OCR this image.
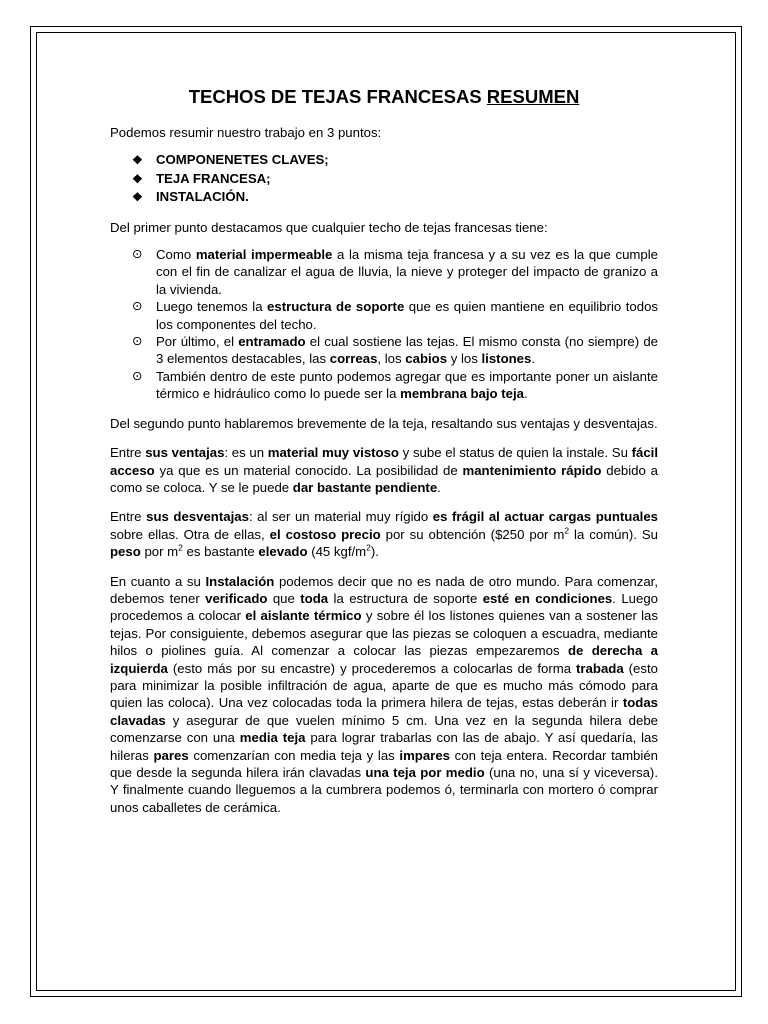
TECHOS DE TEJAS FRANCESAS RESUMEN

Podemos resumir nuestro trabajo en 3 puntos:

❖ COMPONENETES CLAVES;
❖ TEJA FRANCESA;
❖ INSTALACIÓN.

Del primer punto destacamos que cualquier techo de tejas francesas tiene:

⊙ Como material impermeable a la misma teja francesa y a su vez es la que cumple con el fin de canalizar el agua de lluvia, la nieve y proteger del impacto de granizo a la vivienda.
⊙ Luego tenemos la estructura de soporte que es quien mantiene en equilibrio todos los componentes del techo.
⊙ Por último, el entramado el cual sostiene las tejas. El mismo consta (no siempre) de 3 elementos destacables, las correas, los cabios y los listones.
⊙ También dentro de este punto podemos agregar que es importante poner un aislante térmico e hidráulico como lo puede ser la membrana bajo teja.

Del segundo punto hablaremos brevemente de la teja, resaltando sus ventajas y desventajas.

Entre sus ventajas: es un material muy vistoso y sube el status de quien la instale. Su fácil acceso ya que es un material conocido. La posibilidad de mantenimiento rápido debido a como se coloca. Y se le puede dar bastante pendiente.

Entre sus desventajas: al ser un material muy rígido es frágil al actuar cargas puntuales sobre ellas. Otra de ellas, el costoso precio por su obtención ($250 por $m^2$ la común). Su peso por $m^2$ es bastante elevado (45 kgf/$m^2$).

En cuanto a su Instalación podemos decir que no es nada de otro mundo. Para comenzar, debemos tener verificado que toda la estructura de soporte esté en condiciones. Luego procedemos a colocar el aislante térmico y sobre él los listones quienes van a sostener las tejas. Por consiguiente, debemos asegurar que las piezas se coloquen a escuadra, mediante hilos o piolines guía. Al comenzar a colocar las piezas empezaremos de derecha a izquierda (esto más por su encastre) y procederemos a colocarlas de forma trabada (esto para minimizar la posible infiltración de agua, aparte de que es mucho más cómodo para quien las coloca). Una vez colocadas toda la primera hilera de tejas, estas deberán ir todas clavadas y asegurar de que vuelen mínimo 5 cm. Una vez en la segunda hilera debe comenzarse con una media teja para lograr trabarlas con las de abajo. Y así quedaría, las hileras pares comenzarían con media teja y las impares con teja entera. Recordar también que desde la segunda hilera irán clavadas una teja por medio (una no, una sí y viceversa). Y finalmente cuando lleguemos a la cumbrera podemos ó, terminarla con mortero ó comprar unos caballetes de cerámica.
